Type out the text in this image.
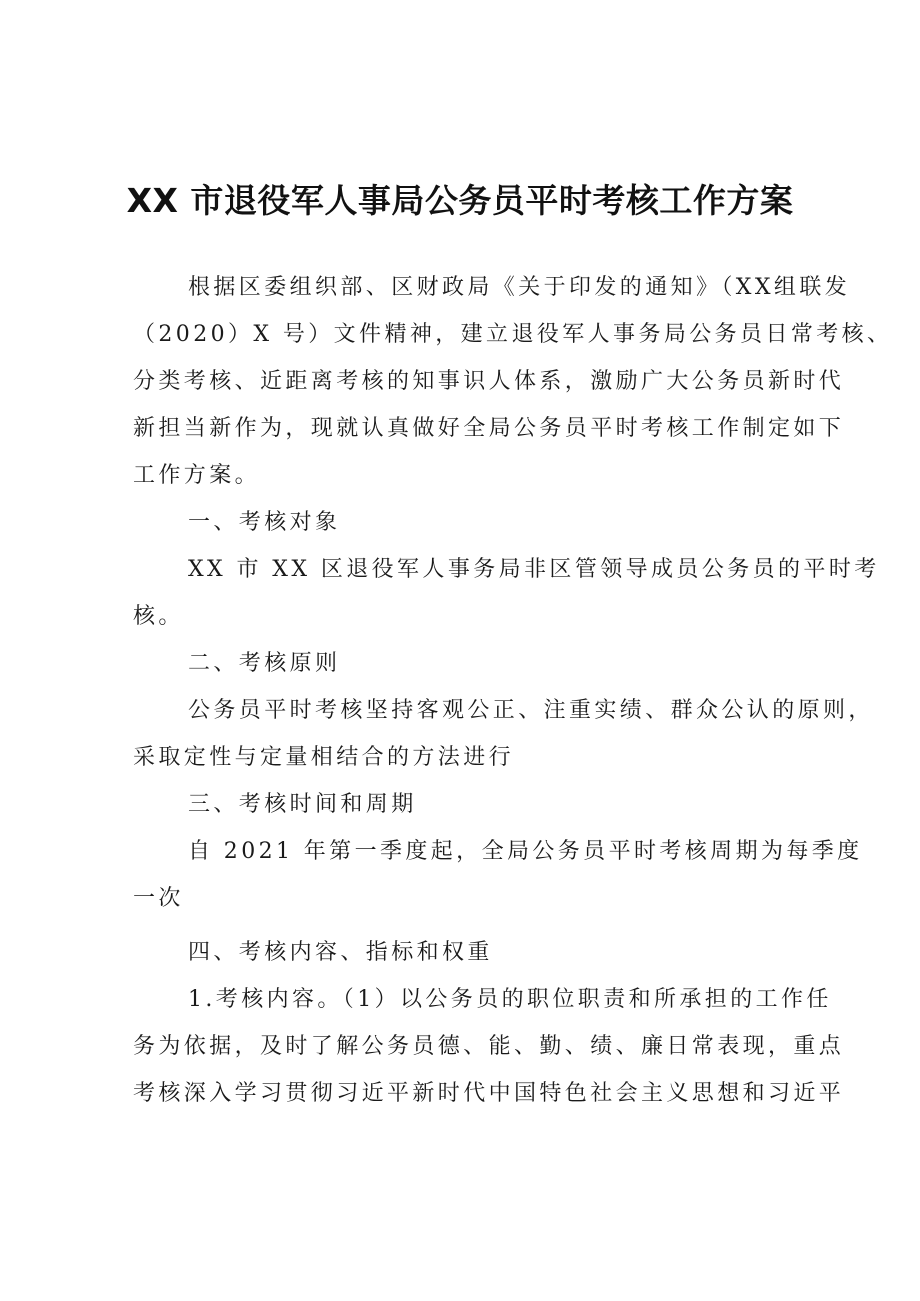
XX 市退役军人事局公务员平时考核工作方案
根据区委组织部、区财政局《关于印发的通知》（XX组联发
（2020）X 号）文件精神，建立退役军人事务局公务员日常考核、
分类考核、近距离考核的知事识人体系，激励广大公务员新时代
新担当新作为，现就认真做好全局公务员平时考核工作制定如下
工作方案。
一、考核对象
XX 市 XX 区退役军人事务局非区管领导成员公务员的平时考
核。
二、考核原则
公务员平时考核坚持客观公正、注重实绩、群众公认的原则，
采取定性与定量相结合的方法进行
三、考核时间和周期
自 2021 年第一季度起，全局公务员平时考核周期为每季度
一次
四、考核内容、指标和权重
1.考核内容。（1）以公务员的职位职责和所承担的工作任
务为依据，及时了解公务员德、能、勤、绩、廉日常表现，重点
考核深入学习贯彻习近平新时代中国特色社会主义思想和习近平
